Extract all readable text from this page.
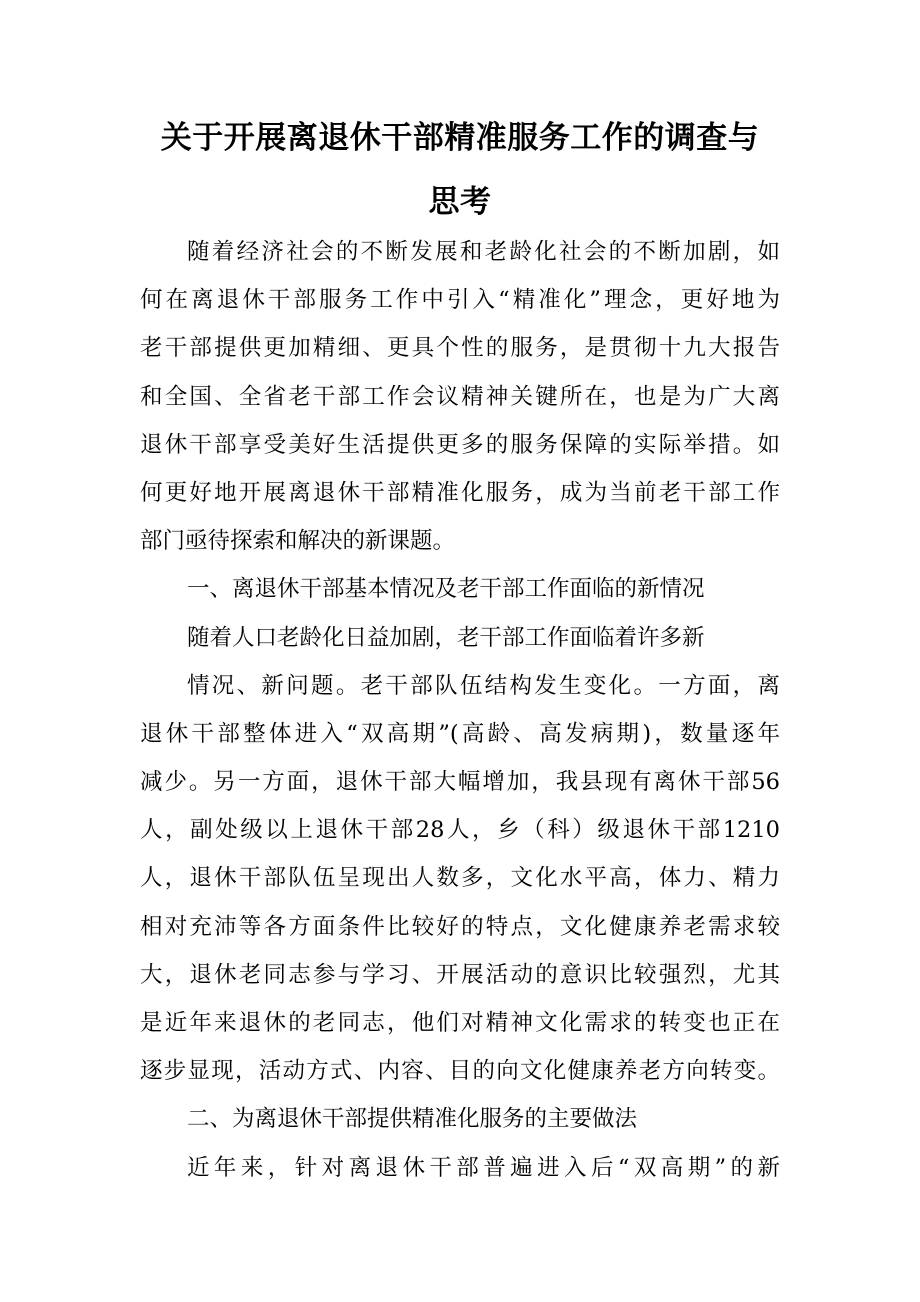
关于开展离退休干部精准服务工作的调查与
思考
随着经济社会的不断发展和老龄化社会的不断加剧，如
何在离退休干部服务工作中引入“精准化”理念，更好地为
老干部提供更加精细、更具个性的服务，是贯彻十九大报告
和全国、全省老干部工作会议精神关键所在，也是为广大离
退休干部享受美好生活提供更多的服务保障的实际举措。如
何更好地开展离退休干部精准化服务，成为当前老干部工作
部门亟待探索和解决的新课题。
一、离退休干部基本情况及老干部工作面临的新情况
随着人口老龄化日益加剧，老干部工作面临着许多新
情况、新问题。老干部队伍结构发生变化。一方面，离
退休干部整体进入“双高期”(高龄、高发病期)，数量逐年
减少。另一方面，退休干部大幅增加，我县现有离休干部56
人，副处级以上退休干部28人，乡（科）级退休干部1210
人，退休干部队伍呈现出人数多，文化水平高，体力、精力
相对充沛等各方面条件比较好的特点，文化健康养老需求较
大，退休老同志参与学习、开展活动的意识比较强烈，尤其
是近年来退休的老同志，他们对精神文化需求的转变也正在
逐步显现，活动方式、内容、目的向文化健康养老方向转变。
二、为离退休干部提供精准化服务的主要做法
近年来，针对离退休干部普遍进入后“双高期”的新
